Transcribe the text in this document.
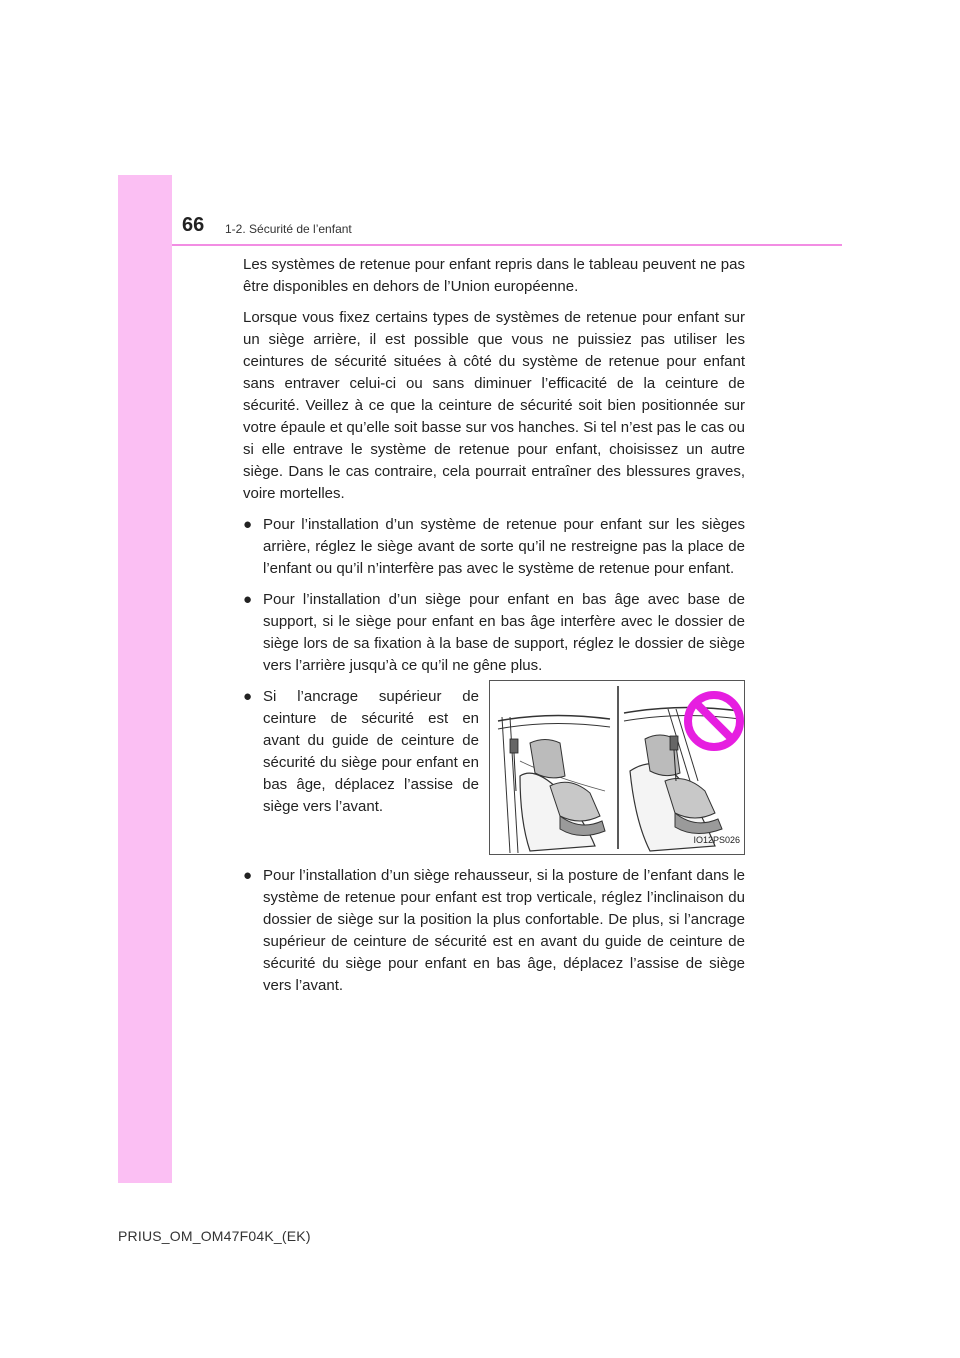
66 1-2. Sécurité de l’enfant

Les systèmes de retenue pour enfant repris dans le tableau peuvent ne pas être disponibles en dehors de l’Union européenne.

Lorsque vous fixez certains types de systèmes de retenue pour enfant sur un siège arrière, il est possible que vous ne puissiez pas utiliser les ceintures de sécurité situées à côté du système de retenue pour enfant sans entraver celui-ci ou sans diminuer l’efficacité de la ceinture de sécurité. Veillez à ce que la ceinture de sécurité soit bien positionnée sur votre épaule et qu’elle soit basse sur vos hanches. Si tel n’est pas le cas ou si elle entrave le système de retenue pour enfant, choisissez un autre siège. Dans le cas contraire, cela pourrait entraîner des blessures graves, voire mortelles.

● Pour l’installation d’un système de retenue pour enfant sur les sièges arrière, réglez le siège avant de sorte qu’il ne restreigne pas la place de l’enfant ou qu’il n’interfère pas avec le système de retenue pour enfant.
● Pour l’installation d’un siège pour enfant en bas âge avec base de support, si le siège pour enfant en bas âge interfère avec le dossier de siège lors de sa fixation à la base de support, réglez le dossier de siège vers l’arrière jusqu’à ce qu’il ne gêne plus.
● Si l’ancrage supérieur de ceinture de sécurité est en avant du guide de ceinture de sécurité du siège pour enfant en bas âge, déplacez l’assise de siège vers l’avant.
IO12PS026
● Pour l’installation d’un siège rehausseur, si la posture de l’enfant dans le système de retenue pour enfant est trop verticale, réglez l’inclinaison du dossier de siège sur la position la plus confortable. De plus, si l’ancrage supérieur de ceinture de sécurité est en avant du guide de ceinture de sécurité du siège pour enfant en bas âge, déplacez l’assise de siège vers l’avant.
PRIUS_OM_OM47F04K_(EK)
